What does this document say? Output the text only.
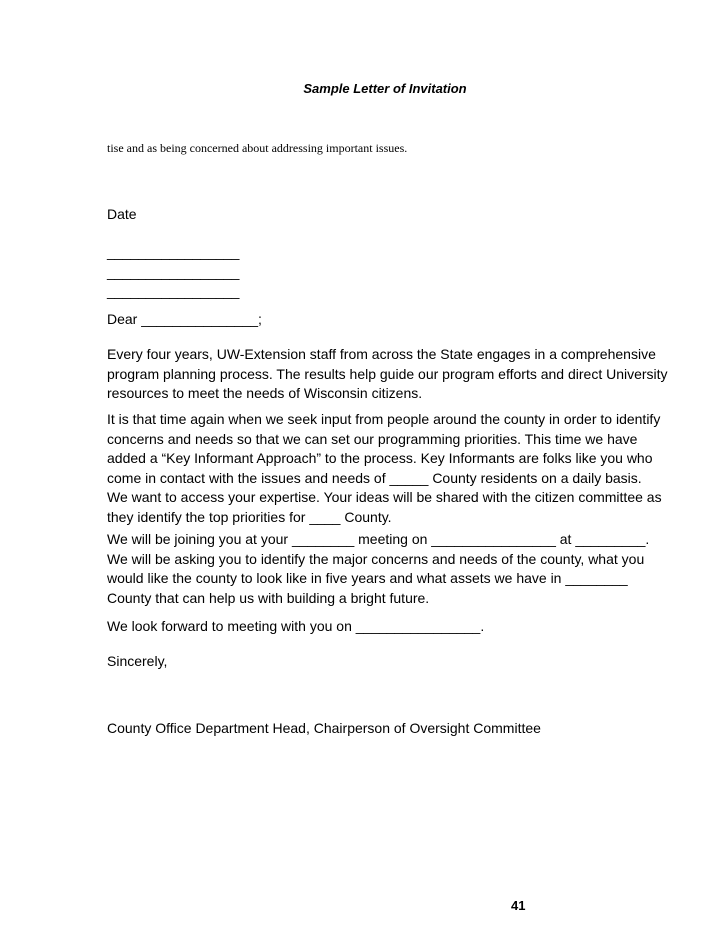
Sample Letter of Invitation
tise and as being concerned about addressing important issues.
Date
_________________
_________________
_________________
Dear _______________;
Every four years, UW-Extension staff from across the State engages in a comprehensive
program planning process. The results help guide our program efforts and direct University
resources to meet the needs of Wisconsin citizens.
It is that time again when we seek input from people around the county in order to identify
concerns and needs so that we can set our programming priorities. This time we have
added a “Key Informant Approach” to the process. Key Informants are folks like you who
come in contact with the issues and needs of _____ County residents on a daily basis.
We want to access your expertise. Your ideas will be shared with the citizen committee as
they identify the top priorities for ____ County.
We will be joining you at your ________ meeting on ________________ at _________.
We will be asking you to identify the major concerns and needs of the county, what you
would like the county to look like in five years and what assets we have in ________
County that can help us with building a bright future.
We look forward to meeting with you on ________________.
Sincerely,
County Office Department Head, Chairperson of Oversight Committee
41
